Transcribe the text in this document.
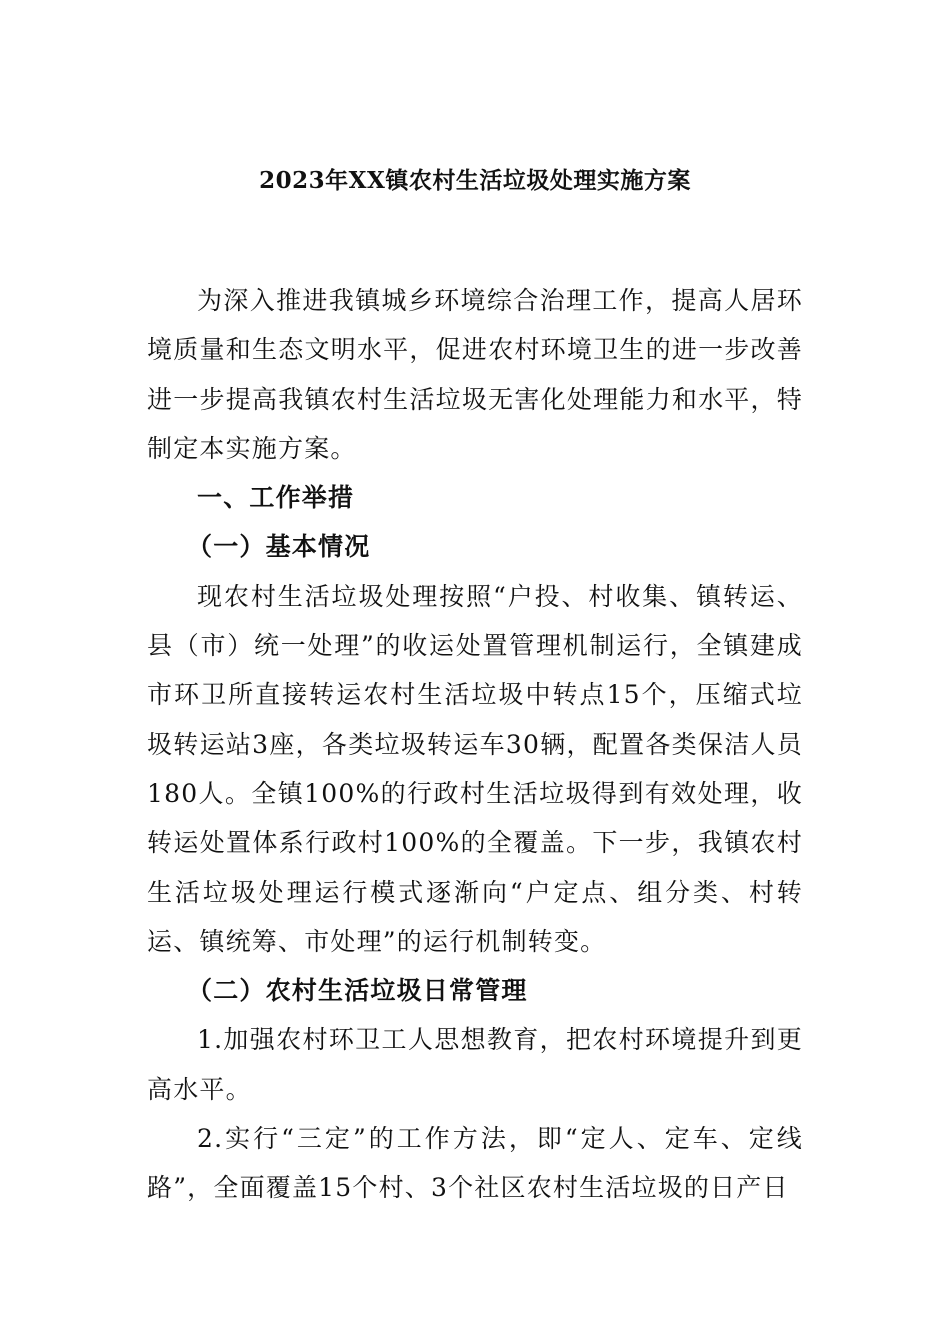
2023年XX镇农村生活垃圾处理实施方案

为深入推进我镇城乡环境综合治理工作，提高人居环境质量和生态文明水平，促进农村环境卫生的进一步改善进一步提高我镇农村生活垃圾无害化处理能力和水平，特制定本实施方案。

一、工作举措

（一）基本情况

现农村生活垃圾处理按照“户投、村收集、镇转运、县（市）统一处理”的收运处置管理机制运行，全镇建成市环卫所直接转运农村生活垃圾中转点15个，压缩式垃圾转运站3座，各类垃圾转运车30辆，配置各类保洁人员180人。全镇100%的行政村生活垃圾得到有效处理，收转运处置体系行政村100%的全覆盖。下一步，我镇农村生活垃圾处理运行模式逐渐向“户定点、组分类、村转运、镇统筹、市处理”的运行机制转变。

（二）农村生活垃圾日常管理

1.加强农村环卫工人思想教育，把农村环境提升到更高水平。

2.实行“三定”的工作方法，即“定人、定车、定线路”，全面覆盖15个村、3个社区农村生活垃圾的日产日
